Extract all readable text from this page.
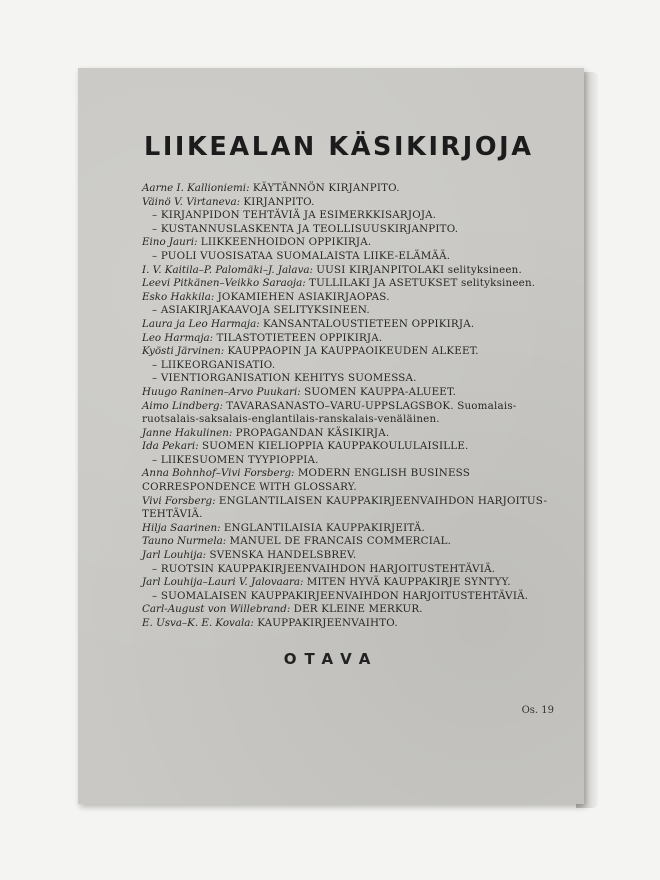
LIIKEALAN KÄSIKIRJOJA
Aarne I. Kallioniemi: KÄYTÄNNÖN KIRJANPITO.
Väinö V. Virtaneva: KIRJANPITO.
– KIRJANPIDON TEHTÄVIÄ JA ESIMERKKISARJOJA.
– KUSTANNUSLASKENTA JA TEOLLISUUSKIRJANPITO.
Eino Jauri: LIIKKEENHOIDON OPPIKIRJA.
– PUOLI VUOSISATAA SUOMALAISTA LIIKE-ELÄMÄÄ.
I. V. Kaitila–P. Palomäki–J. Jalava: UUSI KIRJANPITOLAKI selityksineen.
Leevi Pitkänen–Veikko Saraoja: TULLILAKI JA ASETUKSET selityksineen.
Esko Hakkila: JOKAMIEHEN ASIAKIRJAOPAS.
– ASIAKIRJAKAAVOJA SELITYKSINEEN.
Laura ja Leo Harmaja: KANSANTALOUSTIETEEN OPPIKIRJA.
Leo Harmaja: TILASTOTIETEEN OPPIKIRJA.
Kyösti Järvinen: KAUPPAOPIN JA KAUPPAOIKEUDEN ALKEET.
– LIIKEORGANISATIO.
– VIENTIORGANISATION KEHITYS SUOMESSA.
Huugo Raninen–Arvo Puukari: SUOMEN KAUPPA-ALUEET.
Aimo Lindberg: TAVARASANASTO–VARU-UPPSLAGSBOK. Suomalais-ruotsalais-saksalais-englantilais-ranskalais-venäläinen.
Janne Hakulinen: PROPAGANDAN KÄSIKIRJA.
Ida Pekari: SUOMEN KIELIOPPIA KAUPPAKOULULAISILLE.
– LIIKESUOMEN TYYPIOPPIA.
Anna Bohnhof–Vivi Forsberg: MODERN ENGLISH BUSINESS CORRESPONDENCE WITH GLOSSARY.
Vivi Forsberg: ENGLANTILAISEN KAUPPAKIRJEENVAIHDON HARJOITUS-TEHTÄVIÄ.
Hilja Saarinen: ENGLANTILAISIA KAUPPAKIRJEITÄ.
Tauno Nurmela: MANUEL DE FRANCAIS COMMERCIAL.
Jarl Louhija: SVENSKA HANDELSBREV.
– RUOTSIN KAUPPAKIRJEENVAIHDON HARJOITUSTEHTÄVIÄ.
Jarl Louhija–Lauri V. Jalovaara: MITEN HYVÄ KAUPPAKIRJE SYNTYY.
– SUOMALAISEN KAUPPAKIRJEENVAIHDON HARJOITUSTEHTÄVIÄ.
Carl-August von Willebrand: DER KLEINE MERKUR.
E. Usva–K. E. Kovala: KAUPPAKIRJEENVAIHTO.
OTAVA
Os. 19
